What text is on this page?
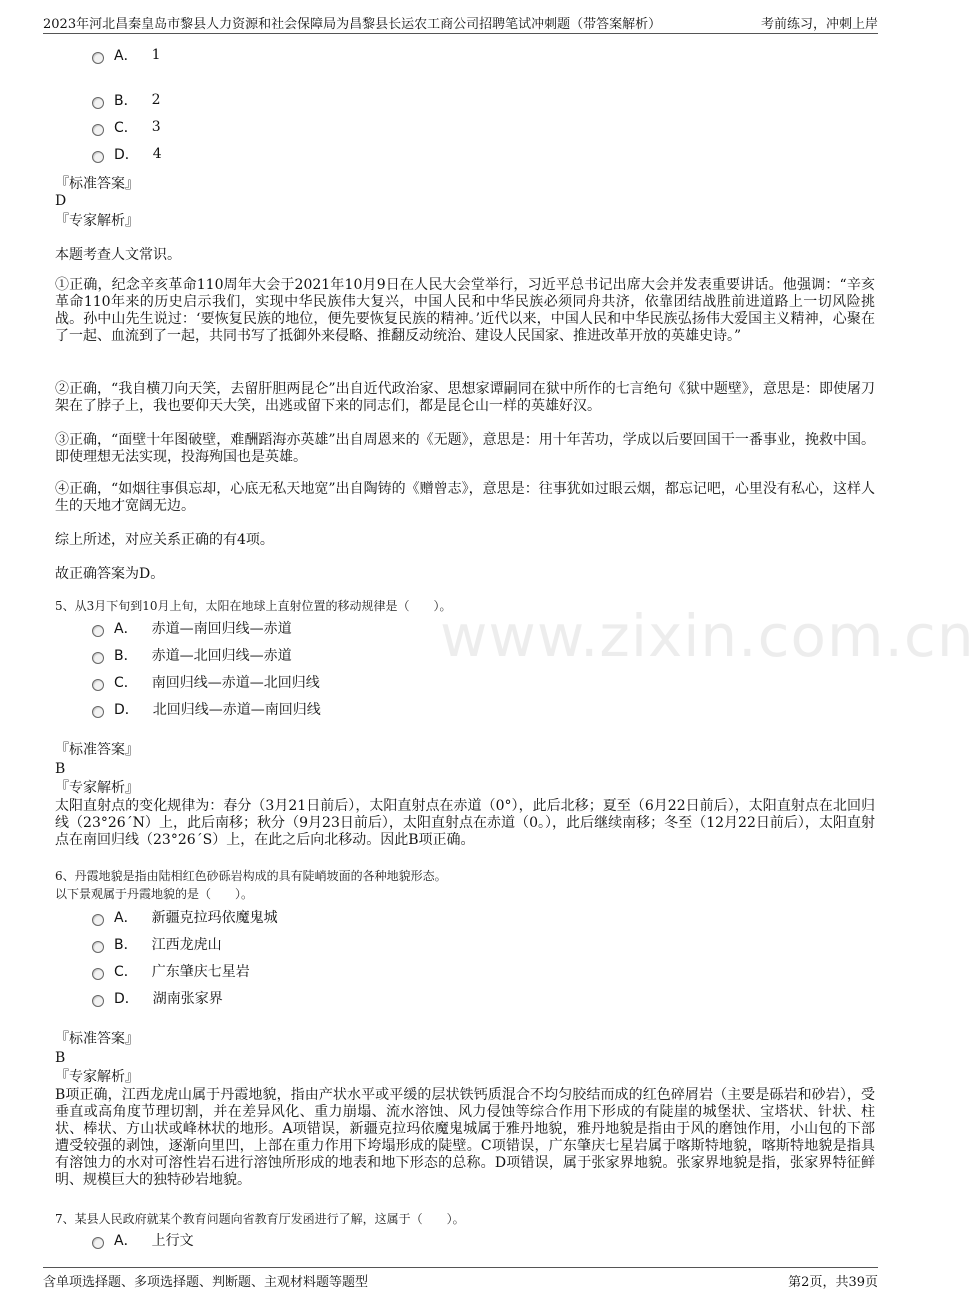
2023年河北昌秦皇岛市黎县人力资源和社会保障局为昌黎县长运农工商公司招聘笔试冲刺题（带答案解析）	考前练习，冲刺上岸
www.zixin.com.cn
A． 1
B． 2
C． 3
D． 4
『标准答案』
D
『专家解析』
本题考查人文常识。
①正确，纪念辛亥革命110周年大会于2021年10月9日在人民大会堂举行，习近平总书记出席大会并发表重要讲话。他强调：“辛亥革命110年来的历史启示我们，实现中华民族伟大复兴，中国人民和中华民族必须同舟共济，依靠团结战胜前进道路上一切风险挑战。孙中山先生说过：‘要恢复民族的地位，便先要恢复民族的精神。’近代以来，中国人民和中华民族弘扬伟大爱国主义精神，心聚在了一起、血流到了一起，共同书写了抵御外来侵略、推翻反动统治、建设人民国家、推进改革开放的英雄史诗。”
②正确，“我自横刀向天笑，去留肝胆两昆仑”出自近代政治家、思想家谭嗣同在狱中所作的七言绝句《狱中题壁》，意思是：即使屠刀架在了脖子上，我也要仰天大笑，出逃或留下来的同志们，都是昆仑山一样的英雄好汉。
③正确，“面壁十年图破壁，难酬蹈海亦英雄”出自周恩来的《无题》，意思是：用十年苦功，学成以后要回国干一番事业，挽救中国。即使理想无法实现，投海殉国也是英雄。
④正确，“如烟往事俱忘却，心底无私天地宽”出自陶铸的《赠曾志》，意思是：往事犹如过眼云烟，都忘记吧，心里没有私心，这样人生的天地才宽阔无边。
综上所述，对应关系正确的有4项。
故正确答案为D。
5、从3月下旬到10月上旬，太阳在地球上直射位置的移动规律是（　　）。
A． 赤道—南回归线—赤道
B． 赤道—北回归线—赤道
C． 南回归线—赤道—北回归线
D． 北回归线—赤道—南回归线
『标准答案』
B
『专家解析』
太阳直射点的变化规律为：春分（3月21日前后），太阳直射点在赤道（0°），此后北移；夏至（6月22日前后），太阳直射点在北回归线（23°26´N）上，此后南移；秋分（9月23日前后），太阳直射点在赤道（0。），此后继续南移；冬至（12月22日前后），太阳直射点在南回归线（23°26´S）上，在此之后向北移动。因此B项正确。
6、丹霞地貌是指由陆相红色砂砾岩构成的具有陡峭坡面的各种地貌形态。
以下景观属于丹霞地貌的是（　　）。
A． 新疆克拉玛依魔鬼城
B． 江西龙虎山
C． 广东肇庆七星岩
D． 湖南张家界
『标准答案』
B
『专家解析』
B项正确，江西龙虎山属于丹霞地貌，指由产状水平或平缓的层状铁钙质混合不均匀胶结而成的红色碎屑岩（主要是砾岩和砂岩），受垂直或高角度节理切割，并在差异风化、重力崩塌、流水溶蚀、风力侵蚀等综合作用下形成的有陡崖的城堡状、宝塔状、针状、柱状、棒状、方山状或峰林状的地形。A项错误，新疆克拉玛依魔鬼城属于雅丹地貌，雅丹地貌是指由于风的磨蚀作用，小山包的下部遭受较强的剥蚀，逐渐向里凹，上部在重力作用下垮塌形成的陡壁。C项错误，广东肇庆七星岩属于喀斯特地貌，喀斯特地貌是指具有溶蚀力的水对可溶性岩石进行溶蚀所形成的地表和地下形态的总称。D项错误，属于张家界地貌。张家界地貌是指，张家界特征鲜明、规模巨大的独特砂岩地貌。
7、某县人民政府就某个教育问题向省教育厅发函进行了解，这属于（　　）。
A． 上行文
含单项选择题、多项选择题、判断题、主观材料题等题型	第2页，共39页
